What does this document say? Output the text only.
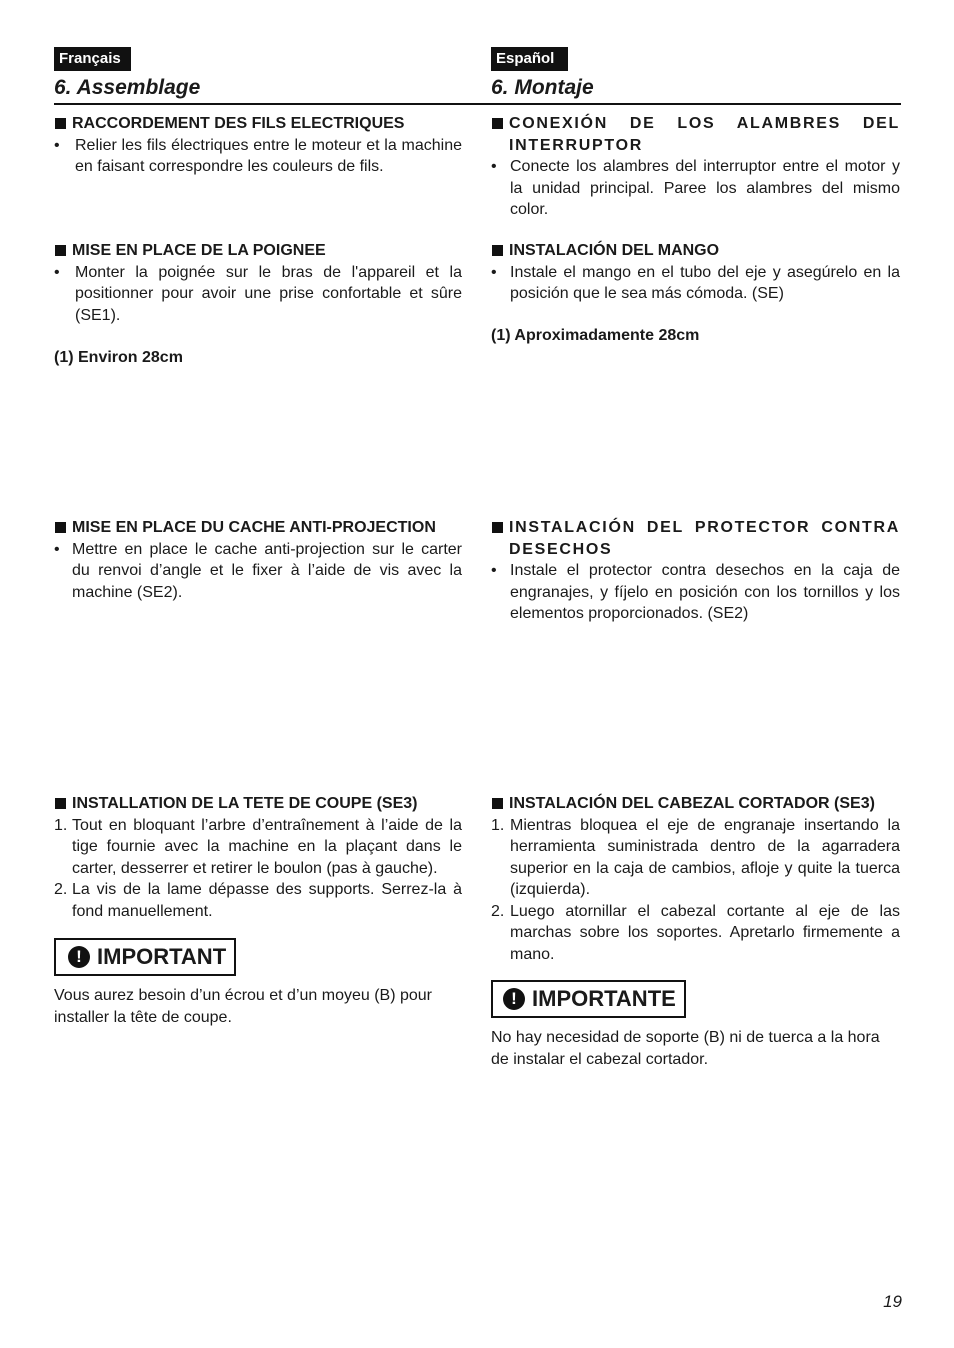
Français
6. Assemblage
RACCORDEMENT DES FILS ELECTRIQUES
• Relier les fils électriques entre le moteur et la machine en faisant correspondre les couleurs de fils.
MISE EN PLACE DE LA POIGNEE
• Monter la poignée sur le bras de l'appareil et la positionner pour avoir une prise confortable et sûre (SE1).
(1) Environ 28cm
MISE EN PLACE DU CACHE ANTI-PROJECTION
• Mettre en place le cache anti-projection sur le carter du renvoi d’angle et le fixer à l’aide de vis avec la machine (SE2).
INSTALLATION DE LA TETE DE COUPE (SE3)
1. Tout en bloquant l’arbre d’entraînement à l’aide de la tige fournie avec la machine en la plaçant dans le carter, desserrer et retirer le boulon (pas à gauche).
2. La vis de la lame dépasse des supports. Serrez-la à fond manuellement.
! IMPORTANT
Vous aurez besoin d’un écrou et d’un moyeu (B) pour installer la tête de coupe.
Español
6. Montaje
CONEXIÓN DE LOS ALAMBRES DEL INTERRUPTOR
• Conecte los alambres del interruptor entre el motor y la unidad principal. Paree los alambres del mismo color.
INSTALACIÓN DEL MANGO
• Instale el mango en el tubo del eje y asegúrelo en la posición que le sea más cómoda. (SE)
(1) Aproximadamente 28cm
INSTALACIÓN DEL PROTECTOR CONTRA DESECHOS
• Instale el protector contra desechos en la caja de engranajes, y fíjelo en posición con los tornillos y los elementos proporcionados. (SE2)
INSTALACIÓN DEL CABEZAL CORTADOR (SE3)
1. Mientras bloquea el eje de engranaje insertando la herramienta suministrada dentro de la agarradera superior en la caja de cambios, afloje y quite la tuerca (izquierda).
2. Luego atornillar el cabezal cortante al eje de las marchas sobre los soportes. Apretarlo firmemente a mano.
! IMPORTANTE
No hay necesidad de soporte (B) ni de tuerca a la hora de instalar el cabezal cortador.
19
